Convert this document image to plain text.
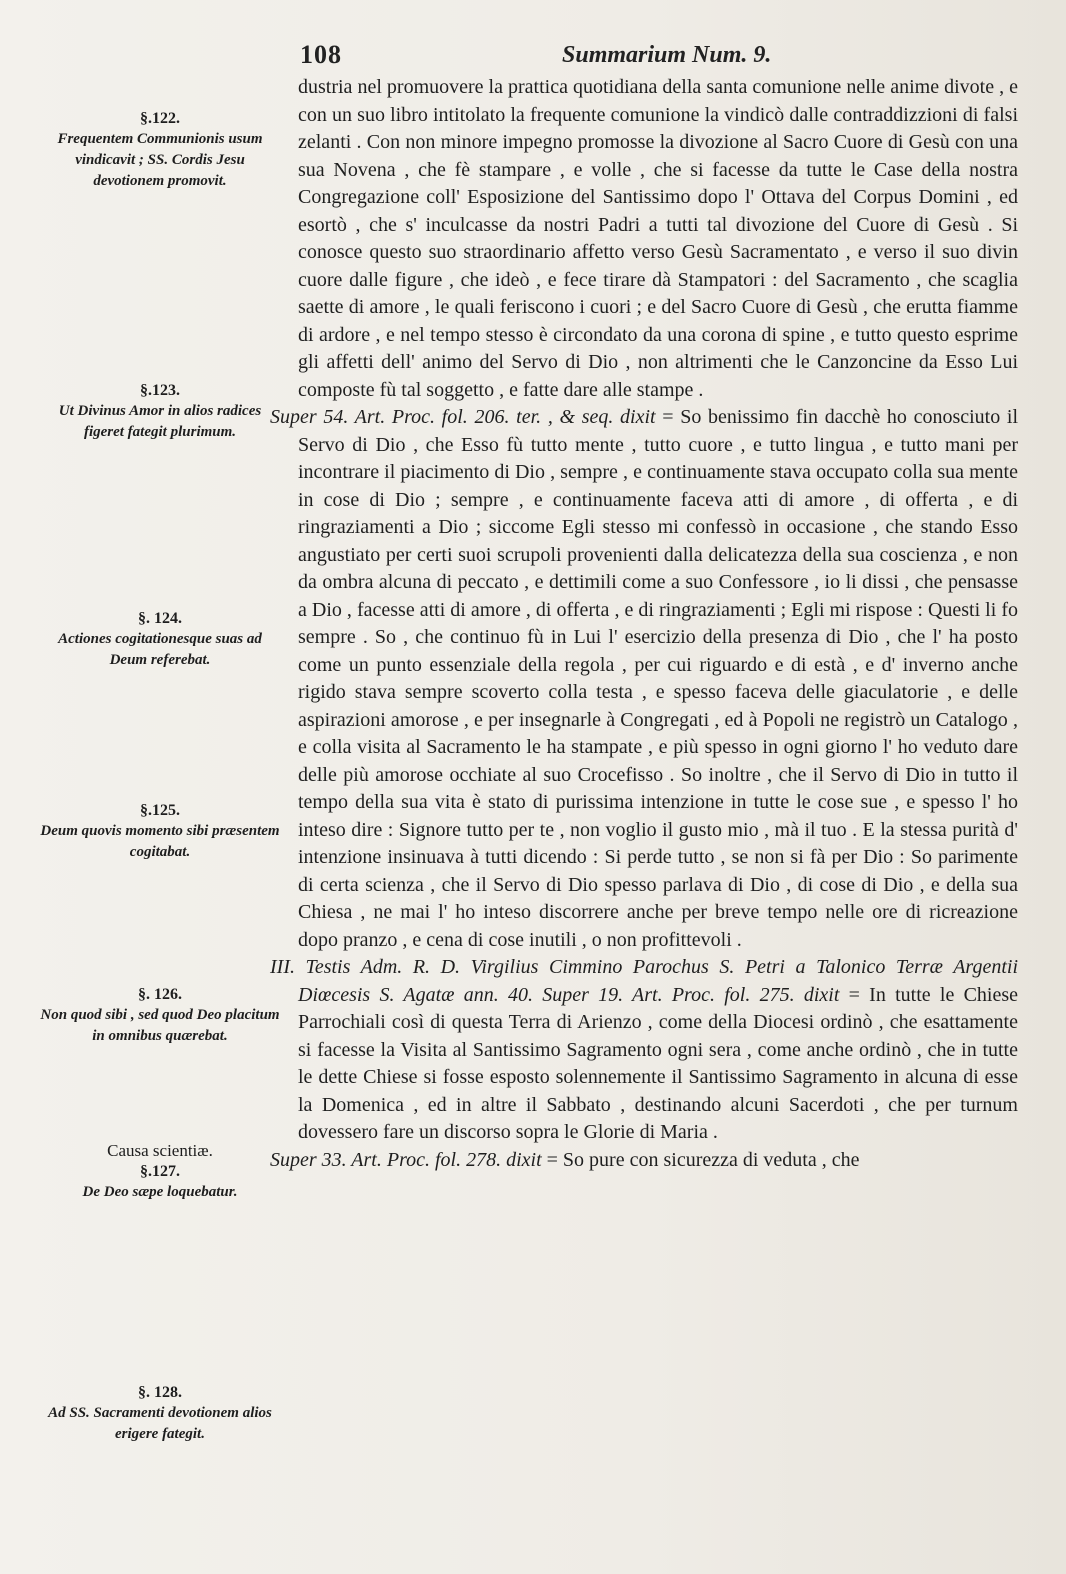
108	Summarium Num. 9.
§.122.
Frequentem Communionis usum vindicavit ; SS. Cordis Jesu devotionem promovit.
§.123.
Ut Divinus Amor in alios radices figeret fategit plurimum.
§. 124.
Actiones cogitationesque suas ad Deum referebat.
§.125.
Deum quovis momento sibi præsentem cogitabat.
§. 126.
Non quod sibi , sed quod Deo placitum in omnibus quærebat.
Causa scientiæ.
§.127.
De Deo sæpe loquebatur.
§. 128.
Ad SS. Sacramenti devotionem alios erigere fategit.

dustria nel promuovere la prattica quotidiana della santa comunione nelle anime divote , e con un suo libro intitolato la frequente comunione la vindicò dalle contraddizzioni di falsi zelanti . Con non minore impegno promosse la divozione al Sacro Cuore di Gesù con una sua Novena , che fè stampare , e volle , che si facesse da tutte le Case della nostra Congregazione coll' Esposizione del Santissimo dopo l' Ottava del Corpus Domini , ed esortò , che s' inculcasse da nostri Padri a tutti tal divozione del Cuore di Gesù . Si conosce questo suo straordinario affetto verso Gesù Sacramentato , e verso il suo divin cuore dalle figure , che ideò , e fece tirare dà Stampatori : del Sacramento , che scaglia saette di amore , le quali feriscono i cuori ; e del Sacro Cuore di Gesù , che erutta fiamme di ardore , e nel tempo stesso è circondato da una corona di spine , e tutto questo esprime gli affetti dell' animo del Servo di Dio , non altrimenti che le Canzoncine da Esso Lui composte fù tal soggetto , e fatte dare alle stampe .

Super 54. Art. Proc. fol. 206. ter. , & seq. dixit = So benissimo fin dacchè ho conosciuto il Servo di Dio , che Esso fù tutto mente , tutto cuore , e tutto lingua , e tutto mani per incontrare il piacimento di Dio , sempre , e continuamente stava occupato colla sua mente in cose di Dio ; sempre , e continuamente faceva atti di amore , di offerta , e di ringraziamenti a Dio ; siccome Egli stesso mi confessò in occasione , che stando Esso angustiato per certi suoi scrupoli provenienti dalla delicatezza della sua coscienza , e non da ombra alcuna di peccato , e dettimili come a suo Confessore , io li dissi , che pensasse a Dio , facesse atti di amore , di offerta , e di ringraziamenti ; Egli mi rispose : Questi li fo sempre . So , che continuo fù in Lui l' esercizio della presenza di Dio , che l' ha posto come un punto essenziale della regola , per cui riguardo e di està , e d' inverno anche rigido stava sempre scoverto colla testa , e spesso faceva delle giaculatorie , e delle aspirazioni amorose , e per insegnarle à Congregati , ed à Popoli ne registrò un Catalogo , e colla visita al Sacramento le ha stampate , e più spesso in ogni giorno l' ho veduto dare delle più amorose occhiate al suo Crocefisso . So inoltre , che il Servo di Dio in tutto il tempo della sua vita è stato di purissima intenzione in tutte le cose sue , e spesso l' ho inteso dire : Signore tutto per te , non voglio il gusto mio , mà il tuo . E la stessa purità d' intenzione insinuava à tutti dicendo : Si perde tutto , se non si fà per Dio : So parimente di certa scienza , che il Servo di Dio spesso parlava di Dio , di cose di Dio , e della sua Chiesa , ne mai l' ho inteso discorrere anche per breve tempo nelle ore di ricreazione dopo pranzo , e cena di cose inutili , o non profittevoli .

III. Testis Adm. R. D. Virgilius Cimmino Parochus S. Petri a Talonico Terræ Argentii Diœcesis S. Agatæ ann. 40. Super 19. Art. Proc. fol. 275. dixit = In tutte le Chiese Parrochiali così di questa Terra di Arienzo , come della Diocesi ordinò , che esattamente si facesse la Visita al Santissimo Sagramento ogni sera , come anche ordinò , che in tutte le dette Chiese si fosse esposto solennemente il Santissimo Sagramento in alcuna di esse la Domenica , ed in altre il Sabbato , destinando alcuni Sacerdoti , che per turnum dovessero fare un discorso sopra le Glorie di Maria .

Super 33. Art. Proc. fol. 278. dixit = So pure con sicurezza di veduta , che
